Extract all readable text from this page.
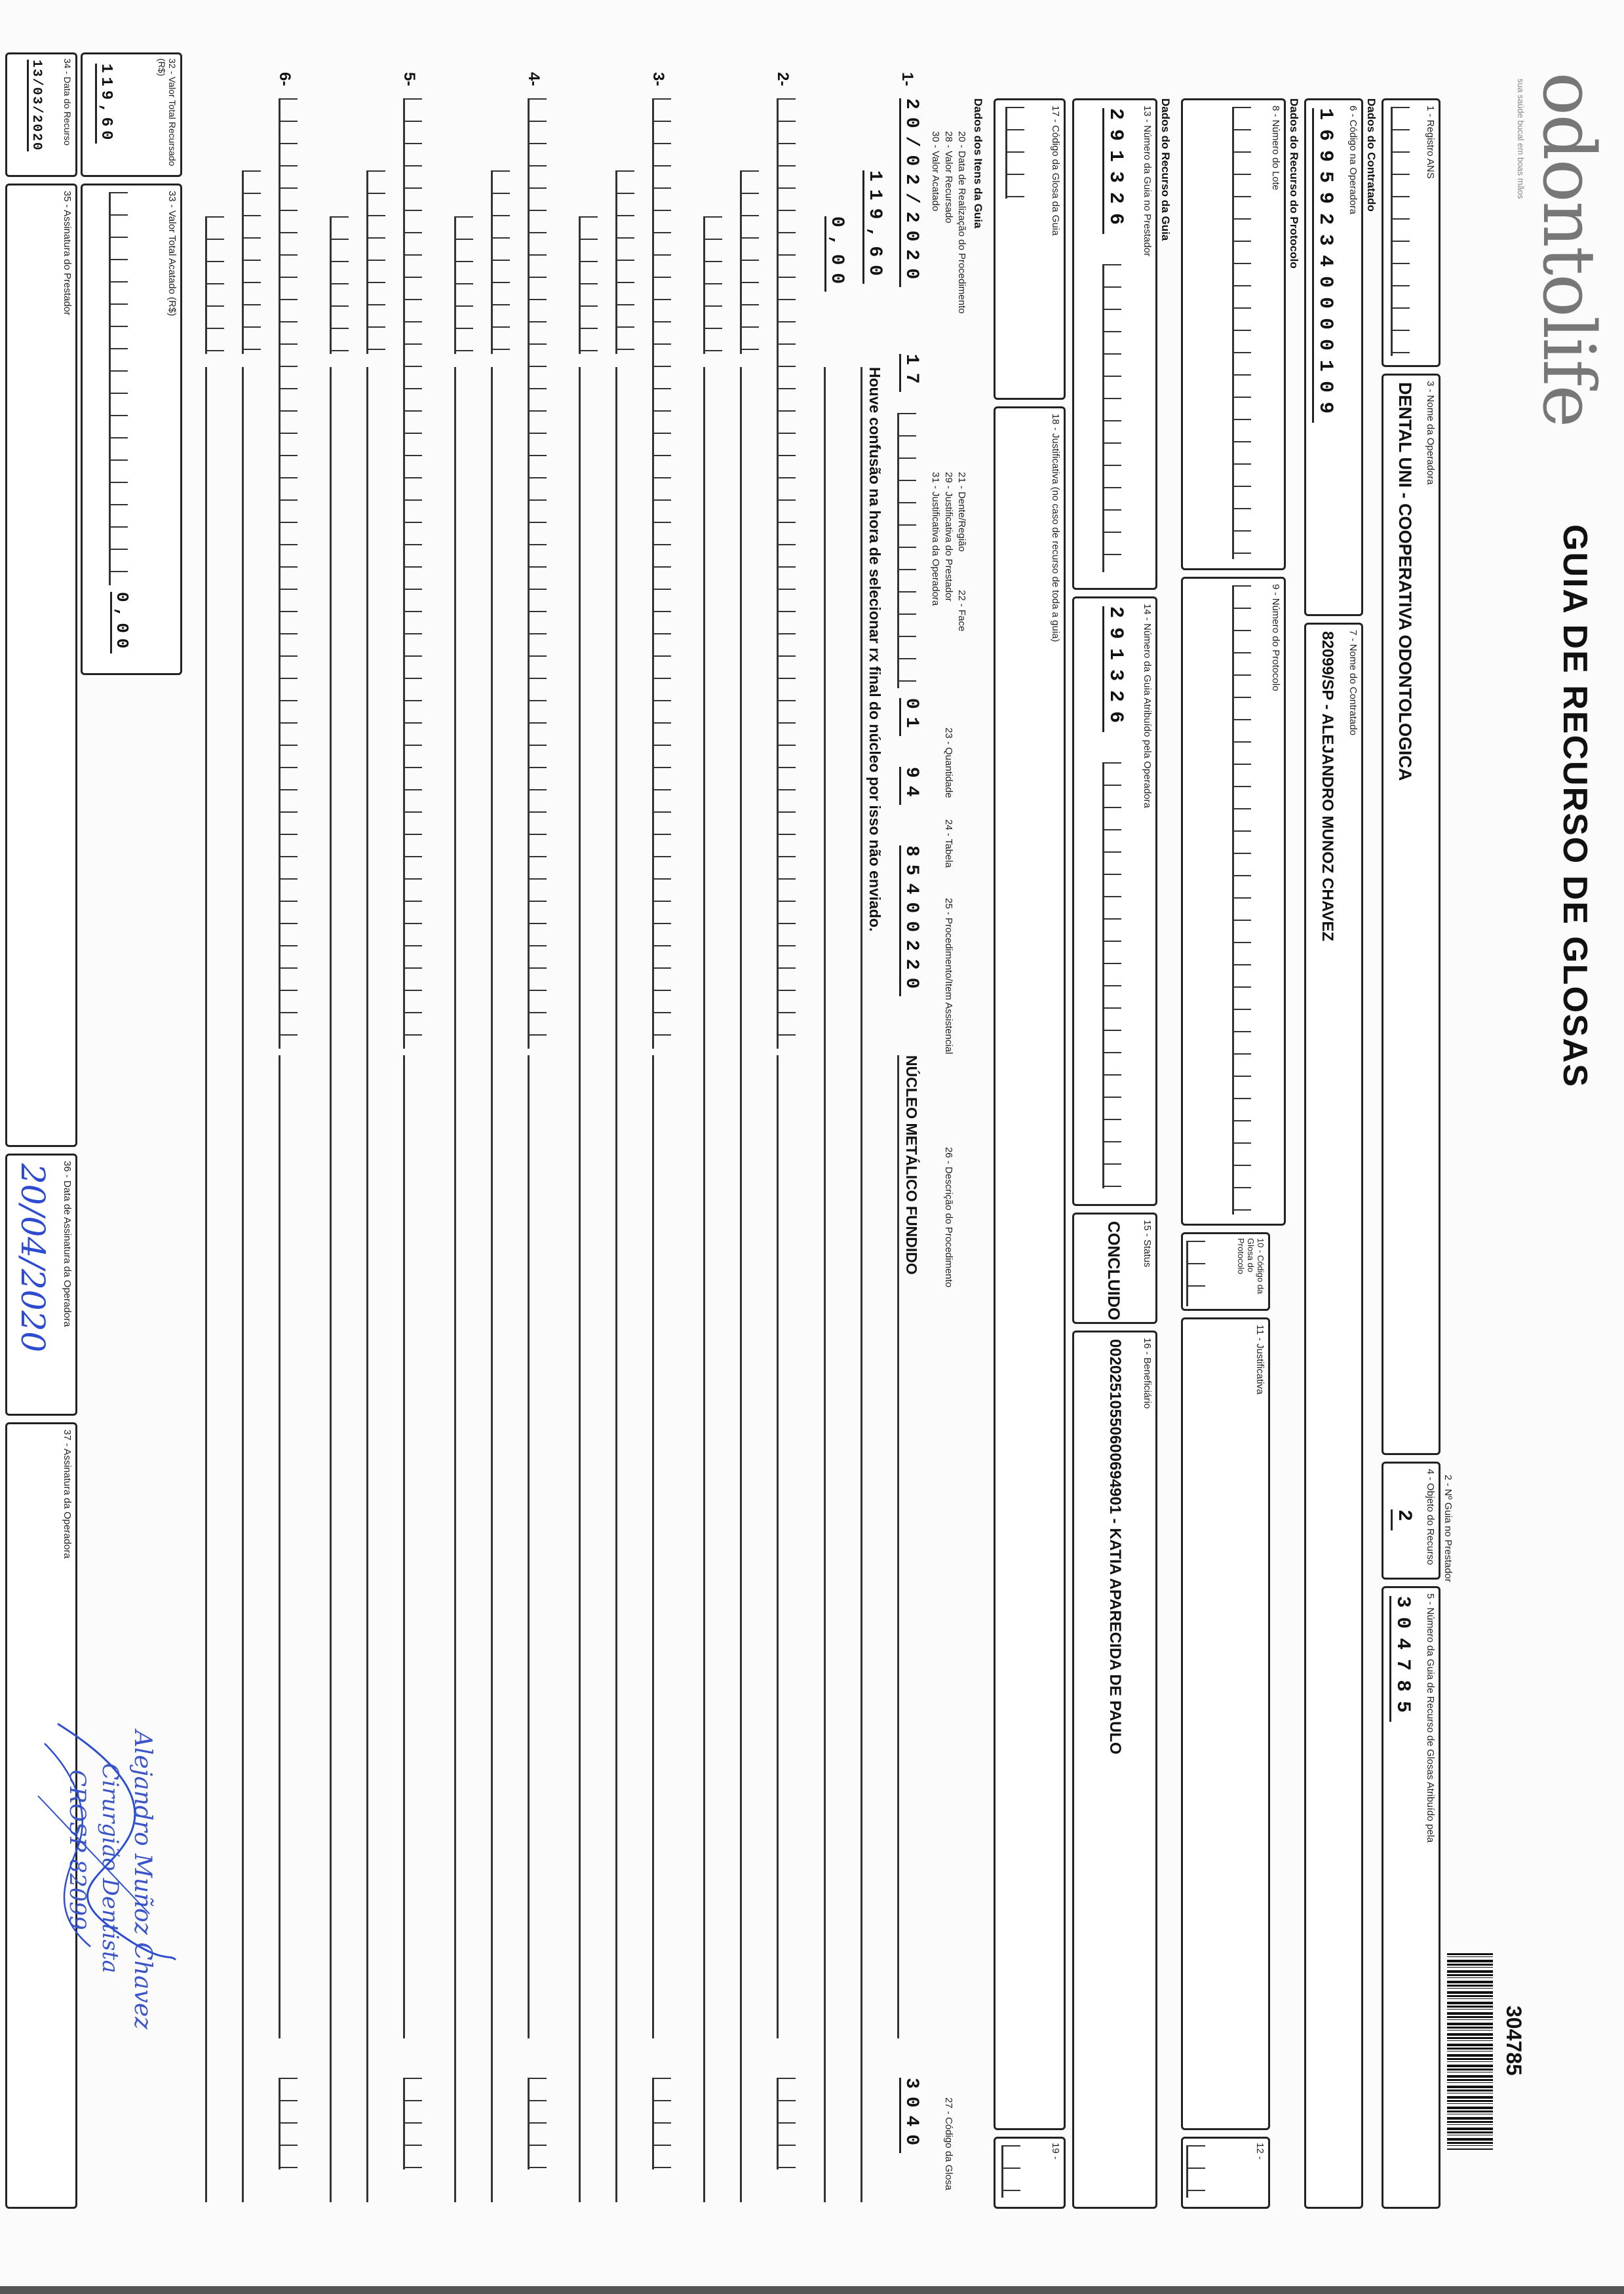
odontolife
sua saúde bucal em boas mãos
GUIA DE RECURSO DE GLOSAS
2 - Nº Guia no Prestador
304785
1 - Registro ANS
3 - Nome da Operadora
DENTAL UNI - COOPERATIVA ODONTOLOGICA
4 - Objeto do Recurso
2
5 - Número da Guia de Recurso de Glosas Atribuído pela
304785
Dados do Contratado
6 - Código na Operadora
169592340000109
7 - Nome do Contratado
82099/SP - ALEJANDRO MUNOZ CHAVEZ
Dados do Recurso do Protocolo
8 - Número do Lote
9 - Número do Protocolo
10 - Código da Glosa do Protocolo
11 - Justificativa
12 -
Dados do Recurso da Guia
13 - Número da Guia no Prestador
291326
14 - Número da Guia Atribuído pela Operadora
291326
15 - Status
CONCLUIDO
16 - Beneficiário
00202510550600694901 - KATIA APARECIDA DE PAULO
17 - Código da Glosa da Guia
18 - Justificativa (no caso de recurso de toda a guia)
19 -
Dados dos Itens da Guia
20 - Data de Realização do Procedimento
28 - Valor Recursado
30 - Valor Acatado
21 - Dente/Região
22 - Face
29 - Justificativa do Prestador
31 - Justificativa da Operadora
23 - Quantidade
24 - Tabela
25 - Procedimento/Item Assistencial
26 - Descrição do Procedimento
27 - Código da Glosa
1-
20/02/2020
17
01
94
85400220
NÚCLEO METÁLICO FUNDIDO
3040
119,60
Houve confusão na hora de selecionar rx final do núcleo por isso não enviado.
0,00
2-
3-
4-
5-
6-
32 - Valor Total Recursado (R$)
119,60
33 - Valor Total Acatado (R$)
0,00
34 - Data do Recurso
13/03/2020
35 - Assinatura do Prestador
36 - Data de Assinatura da Operadora
20/04/2020
37 - Assinatura da Operadora
Alejandro Muñoz Chavez
Cirurgião Dentista
CROSP 82099
